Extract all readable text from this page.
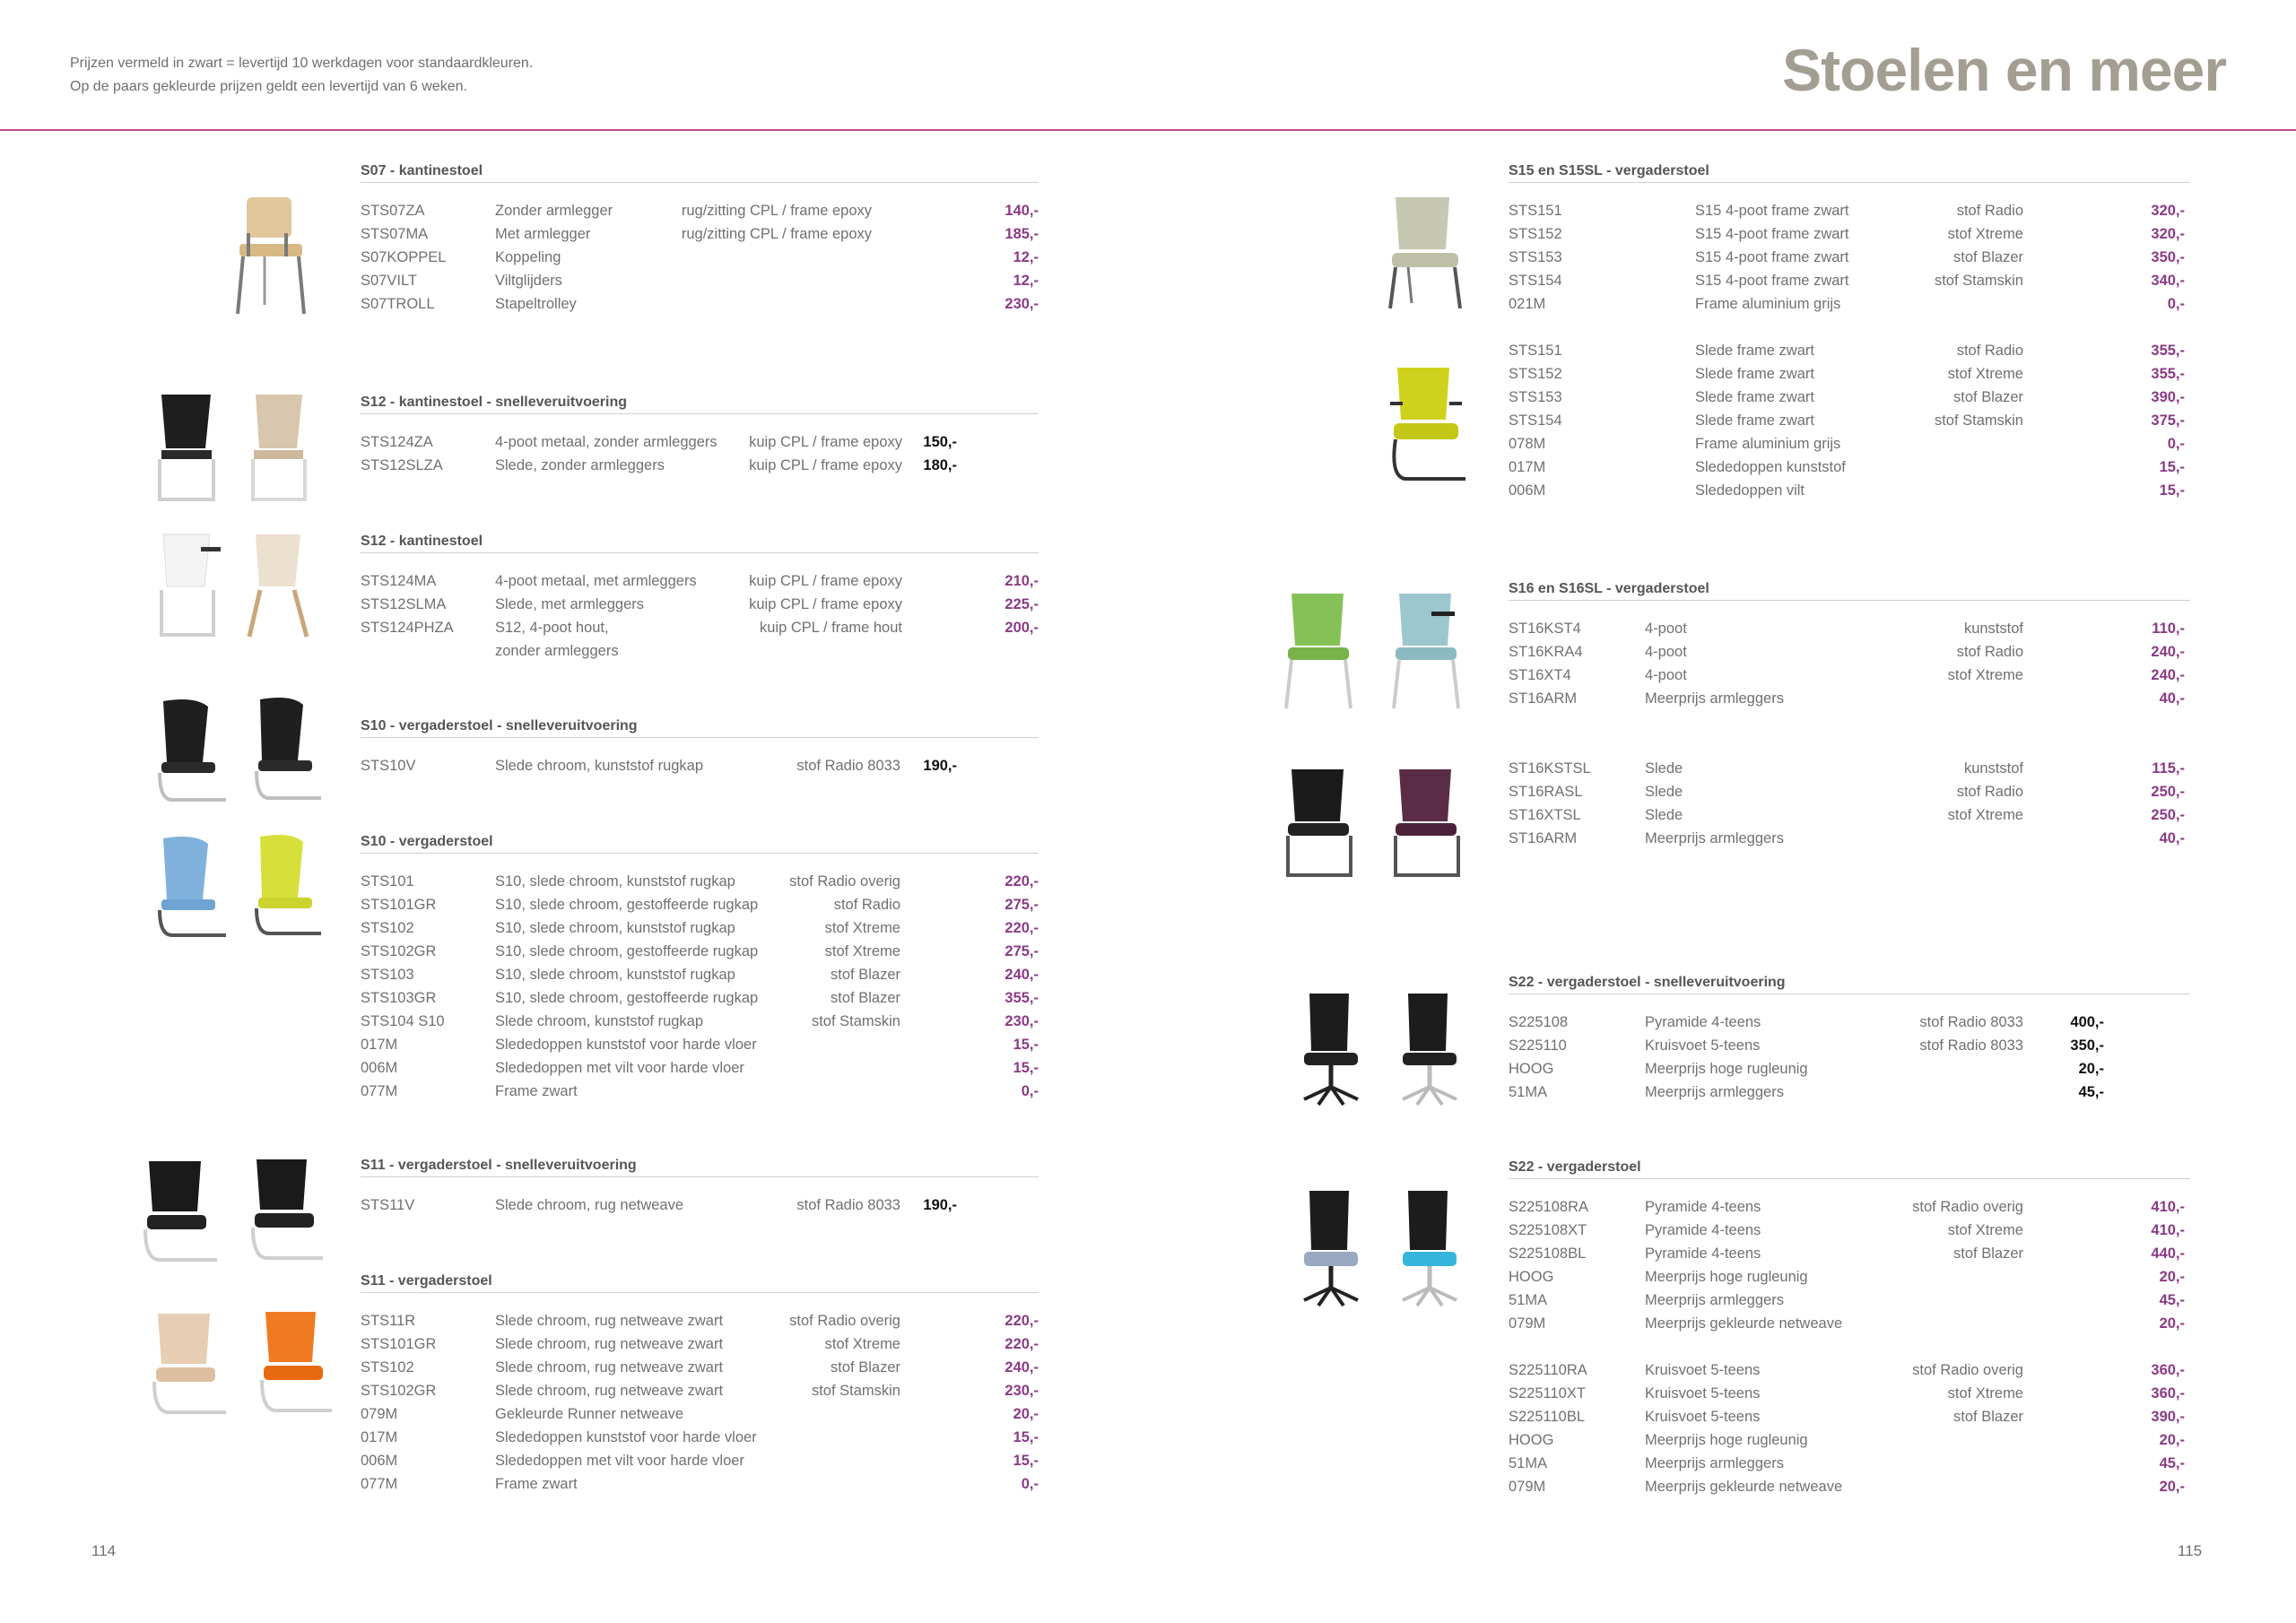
Prijzen vermeld in zwart = levertijd 10 werkdagen voor standaardkleuren.
Op de paars gekleurde prijzen geldt een levertijd van 6 weken.	Stoelen en meer
S07 - kantinestoel
STS07ZA	Zonder armlegger	rug/zitting CPL / frame epoxy	140,-
STS07MA	Met armlegger	rug/zitting CPL / frame epoxy	185,-
S07KOPPEL	Koppeling	12,-
S07VILT	Viltglijders	12,-
S07TROLL	Stapeltrolley	230,-
S12 - kantinestoel - snelleveruitvoering
STS124ZA	4-poot metaal, zonder armleggers	kuip CPL / frame epoxy	150,-
STS12SLZA	Slede, zonder armleggers	kuip CPL / frame epoxy	180,-
S12 - kantinestoel
STS124MA	4-poot metaal, met armleggers	kuip CPL / frame epoxy	210,-
STS12SLMA	Slede, met armleggers	kuip CPL / frame epoxy	225,-
STS124PHZA	S12, 4-poot hout,	kuip CPL / frame hout	200,-
zonder armleggers
S10 - vergaderstoel - snelleveruitvoering
STS10V	Slede chroom, kunststof rugkap	stof Radio 8033	190,-
S10 - vergaderstoel
STS101	S10, slede chroom, kunststof rugkap	stof Radio overig	220,-
STS101GR	S10, slede chroom, gestoffeerde rugkap	stof Radio	275,-
STS102	S10, slede chroom, kunststof rugkap	stof Xtreme	220,-
STS102GR	S10, slede chroom, gestoffeerde rugkap	stof Xtreme	275,-
STS103	S10, slede chroom, kunststof rugkap	stof Blazer	240,-
STS103GR	S10, slede chroom, gestoffeerde rugkap	stof Blazer	355,-
STS104 S10	Slede chroom, kunststof rugkap	stof Stamskin	230,-
017M	Slededoppen kunststof voor harde vloer	15,-
006M	Slededoppen met vilt voor harde vloer	15,-
077M	Frame zwart	0,-
S11 - vergaderstoel - snelleveruitvoering
STS11V	Slede chroom, rug netweave	stof Radio 8033	190,-
S11 - vergaderstoel
STS11R	Slede chroom, rug netweave zwart	stof Radio overig	220,-
STS101GR	Slede chroom, rug netweave zwart	stof Xtreme	220,-
STS102	Slede chroom, rug netweave zwart	stof Blazer	240,-
STS102GR	Slede chroom, rug netweave zwart	stof Stamskin	230,-
079M	Gekleurde Runner netweave	20,-
017M	Slededoppen kunststof voor harde vloer	15,-
006M	Slededoppen met vilt voor harde vloer	15,-
077M	Frame zwart	0,-
S15 en S15SL - vergaderstoel
STS151	S15 4-poot frame zwart	stof Radio	320,-
STS152	S15 4-poot frame zwart	stof Xtreme	320,-
STS153	S15 4-poot frame zwart	stof Blazer	350,-
STS154	S15 4-poot frame zwart	stof Stamskin	340,-
021M	Frame aluminium grijs	0,-
STS151	Slede frame zwart	stof Radio	355,-
STS152	Slede frame zwart	stof Xtreme	355,-
STS153	Slede frame zwart	stof Blazer	390,-
STS154	Slede frame zwart	stof Stamskin	375,-
078M	Frame aluminium grijs	0,-
017M	Slededoppen kunststof	15,-
006M	Slededoppen vilt	15,-
S16 en S16SL - vergaderstoel
ST16KST4	4-poot	kunststof	110,-
ST16KRA4	4-poot	stof Radio	240,-
ST16XT4	4-poot	stof Xtreme	240,-
ST16ARM	Meerprijs armleggers	40,-
ST16KSTSL	Slede	kunststof	115,-
ST16RASL	Slede	stof Radio	250,-
ST16XTSL	Slede	stof Xtreme	250,-
ST16ARM	Meerprijs armleggers	40,-
S22 - vergaderstoel - snelleveruitvoering
S225108	Pyramide 4-teens	stof Radio 8033	400,-
S225110	Kruisvoet 5-teens	stof Radio 8033	350,-
HOOG	Meerprijs hoge rugleunig	20,-
51MA	Meerprijs armleggers	45,-
S22 - vergaderstoel
S225108RA	Pyramide 4-teens	stof Radio overig	410,-
S225108XT	Pyramide 4-teens	stof Xtreme	410,-
S225108BL	Pyramide 4-teens	stof Blazer	440,-
HOOG	Meerprijs hoge rugleunig	20,-
51MA	Meerprijs armleggers	45,-
079M	Meerprijs gekleurde netweave	20,-
S225110RA	Kruisvoet 5-teens	stof Radio overig	360,-
S225110XT	Kruisvoet 5-teens	stof Xtreme	360,-
S225110BL	Kruisvoet 5-teens	stof Blazer	390,-
HOOG	Meerprijs hoge rugleunig	20,-
51MA	Meerprijs armleggers	45,-
079M	Meerprijs gekleurde netweave	20,-
114	115
